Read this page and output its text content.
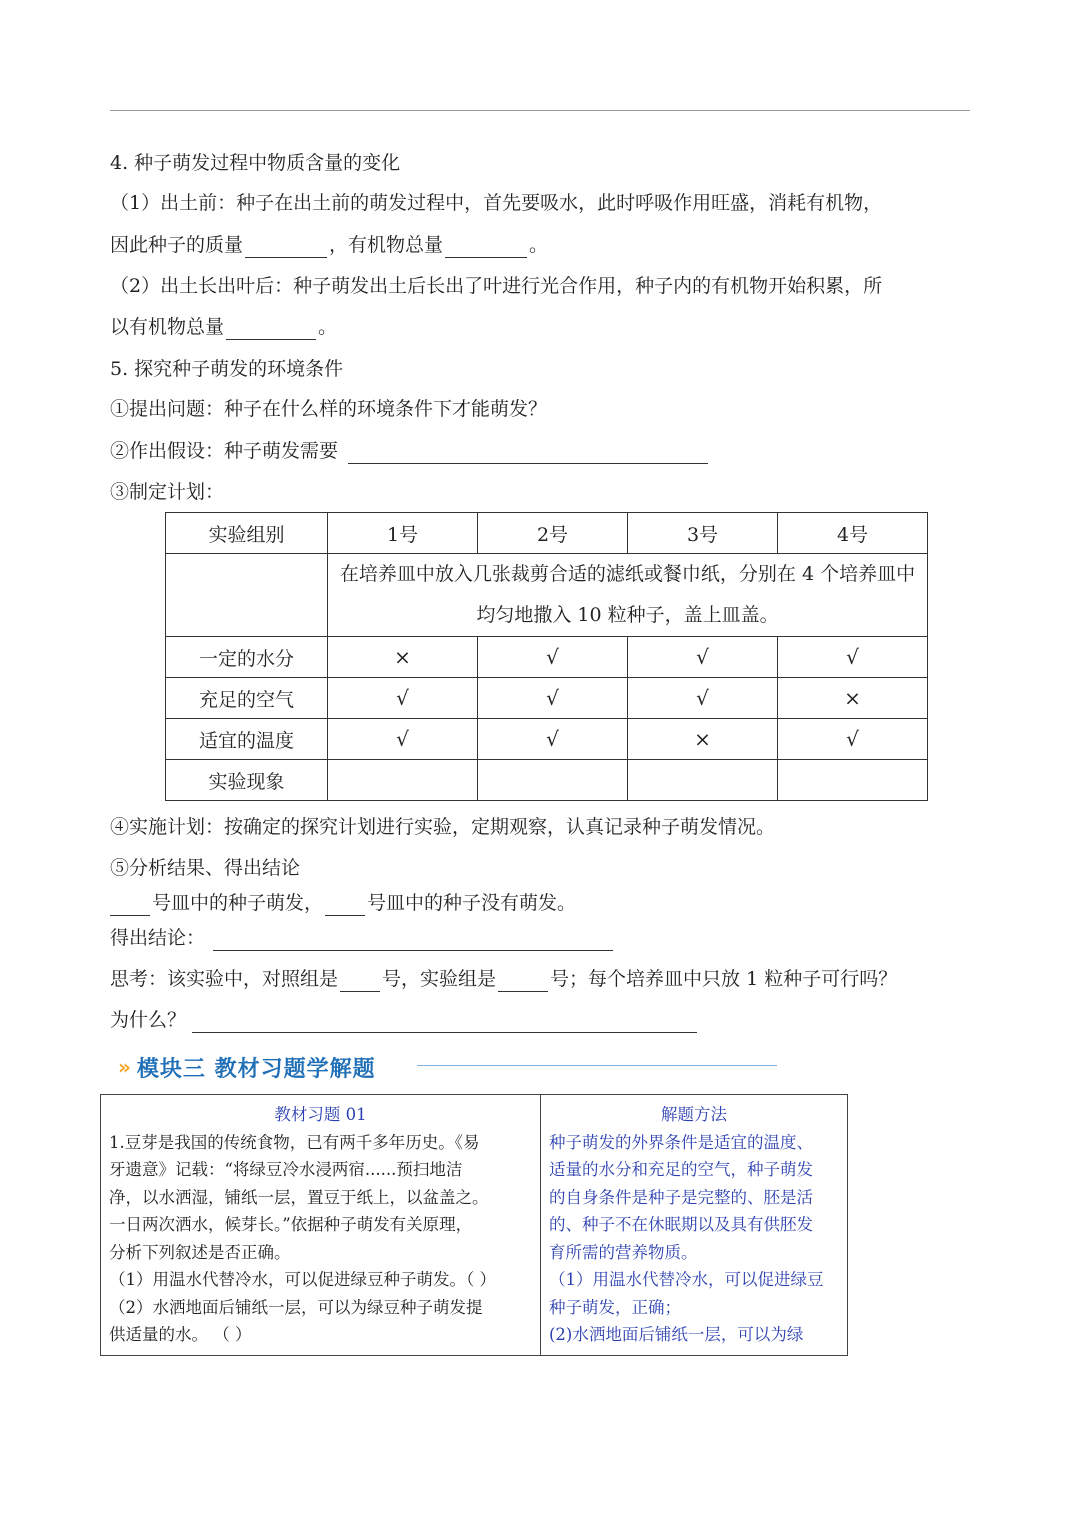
4. 种子萌发过程中物质含量的变化
（1）出土前：种子在出土前的萌发过程中，首先要吸水，此时呼吸作用旺盛，消耗有机物，
因此种子的质量	，有机物总量	。
（2）出土长出叶后：种子萌发出土后长出了叶进行光合作用，种子内的有机物开始积累，所
以有机物总量	。
5. 探究种子萌发的环境条件
①提出问题：种子在什么样的环境条件下才能萌发？
②作出假设：种子萌发需要
③制定计划：
实验组别	1号	2号	3号	4号
	在培养皿中放入几张裁剪合适的滤纸或餐巾纸，分别在 4 个培养皿中均匀地撒入 10 粒种子，盖上皿盖。			
一定的水分	×	√	√	√
充足的空气	√	√	√	×
适宜的温度	√	√	×	√
实验现象				
④实施计划：按确定的探究计划进行实验，定期观察，认真记录种子萌发情况。
⑤分析结果、得出结论
号皿中的种子萌发， 号皿中的种子没有萌发。
得出结论：
思考：该实验中，对照组是 号，实验组是	号；每个培养皿中只放 1 粒种子可行吗？
为什么？
» 模块三 教材习题学解题

教材习题 01

1.豆芽是我国的传统食物，已有两千多年历史。《易

牙遗意》记载：“将绿豆冷水浸两宿......预扫地洁

净，以水洒湿，铺纸一层，置豆于纸上，以盆盖之。

一日两次洒水，候芽长。”依据种子萌发有关原理，

分析下列叙述是否正确。

（1）用温水代替冷水，可以促进绿豆种子萌发。（ ）

（2）水洒地面后铺纸一层，可以为绿豆种子萌发提

供适量的水。 （ ）

解题方法

种子萌发的外界条件是适宜的温度、

适量的水分和充足的空气，种子萌发

的自身条件是种子是完整的、胚是活

的、种子不在休眠期以及具有供胚发

育所需的营养物质。

（1）用温水代替冷水，可以促进绿豆

种子萌发，正确；

(2)水洒地面后铺纸一层，可以为绿
